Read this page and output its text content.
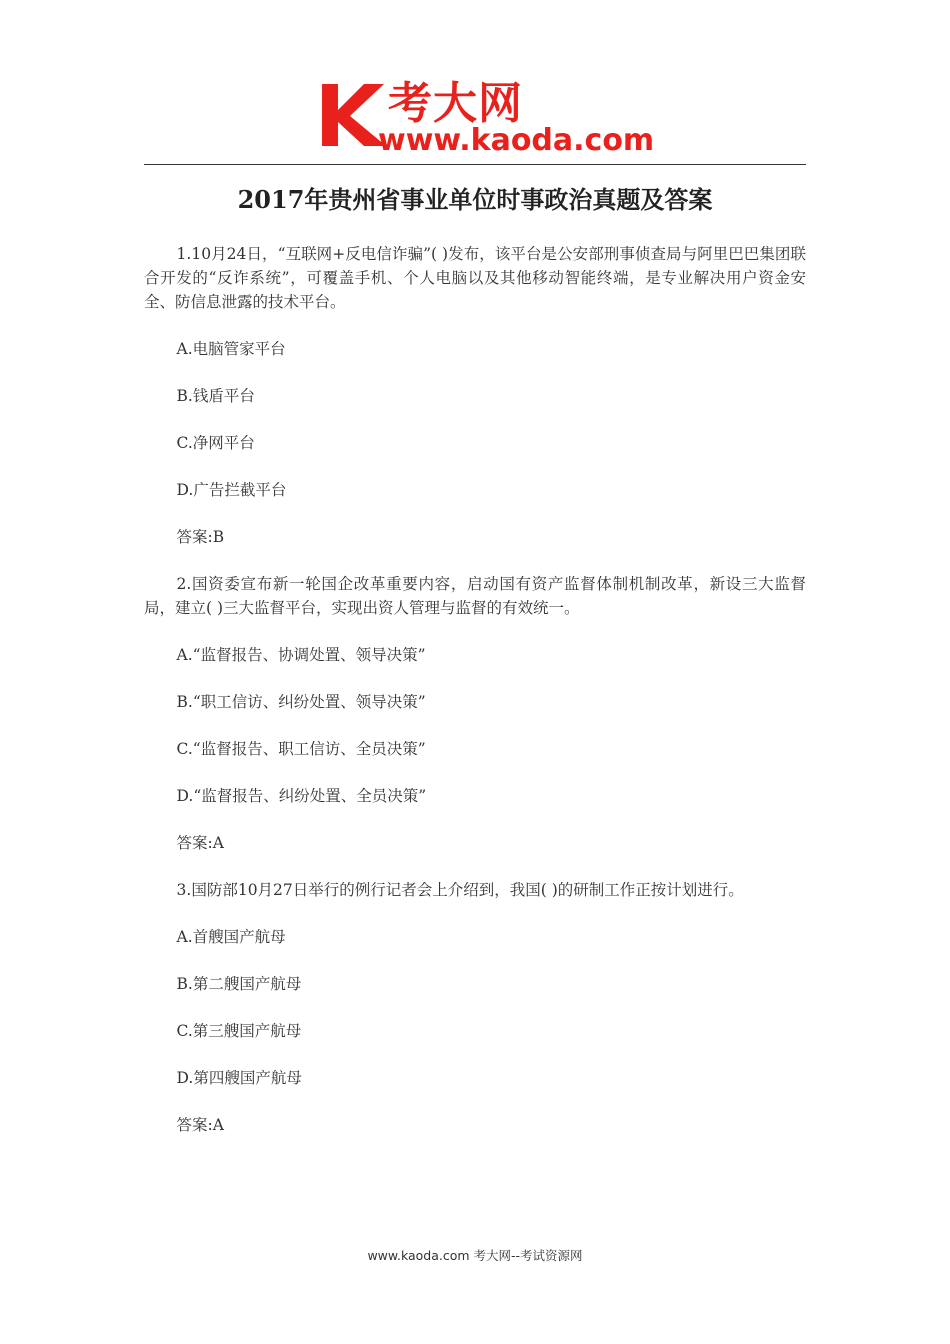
考大网
www.kaoda.com
2017年贵州省事业单位时事政治真题及答案

1.10月24日，“互联网+反电信诈骗”( )发布，该平台是公安部刑事侦查局与阿里巴巴集团联合开发的“反诈系统”，可覆盖手机、个人电脑以及其他移动智能终端，是专业解决用户资金安全、防信息泄露的技术平台。

A.电脑管家平台

B.钱盾平台

C.净网平台

D.广告拦截平台

答案:B

2.国资委宣布新一轮国企改革重要内容，启动国有资产监督体制机制改革，新设三大监督局，建立( )三大监督平台，实现出资人管理与监督的有效统一。

A.“监督报告、协调处置、领导决策”

B.“职工信访、纠纷处置、领导决策”

C.“监督报告、职工信访、全员决策”

D.“监督报告、纠纷处置、全员决策”

答案:A

3.国防部10月27日举行的例行记者会上介绍到，我国( )的研制工作正按计划进行。

A.首艘国产航母

B.第二艘国产航母

C.第三艘国产航母

D.第四艘国产航母

答案:A

www.kaoda.com 考大网--考试资源网
